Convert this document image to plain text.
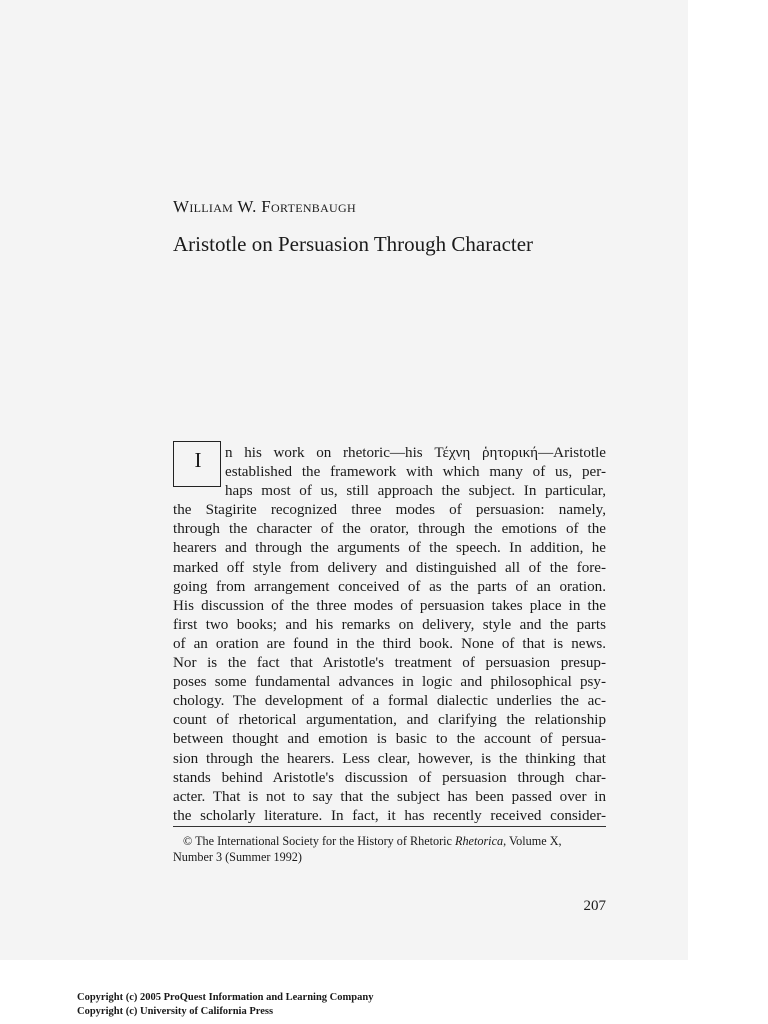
William W. Fortenbaugh
Aristotle on Persuasion Through Character
I	n his work on rhetoric—his Τέχνη ῥητορική—Aristotle
established the framework with which many of us, per-
haps most of us, still approach the subject. In particular,
the Stagirite recognized three modes of persuasion: namely,
through the character of the orator, through the emotions of the
hearers and through the arguments of the speech. In addition, he
marked off style from delivery and distinguished all of the fore-
going from arrangement conceived of as the parts of an oration.
His discussion of the three modes of persuasion takes place in the
first two books; and his remarks on delivery, style and the parts
of an oration are found in the third book. None of that is news.
Nor is the fact that Aristotle's treatment of persuasion presup-
poses some fundamental advances in logic and philosophical psy-
chology. The development of a formal dialectic underlies the ac-
count of rhetorical argumentation, and clarifying the relationship
between thought and emotion is basic to the account of persua-
sion through the hearers. Less clear, however, is the thinking that
stands behind Aristotle's discussion of persuasion through char-
acter. That is not to say that the subject has been passed over in
the scholarly literature. In fact, it has recently received consider-
© The International Society for the History of Rhetoric Rhetorica, Volume X,
Number 3 (Summer 1992)
207
Copyright (c) 2005 ProQuest Information and Learning Company
Copyright (c) University of California Press
